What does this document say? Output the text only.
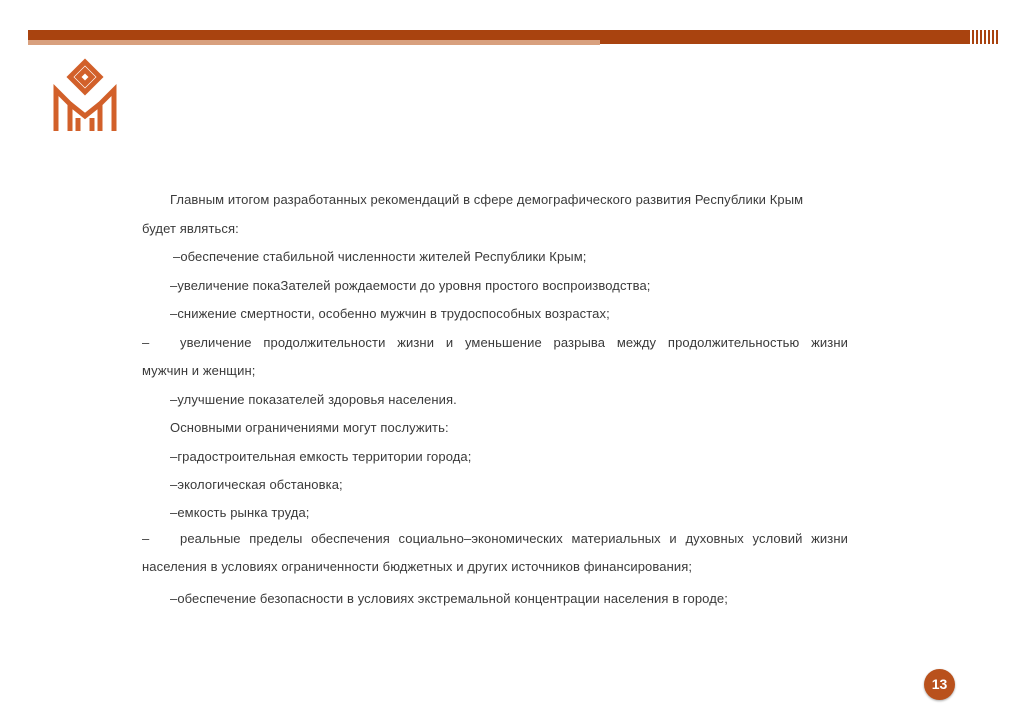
Главным итогом разработанных рекомендаций в сфере демографического развития Республики Крым

будет являться:

–обеспечение стабильной численности жителей Республики Крым;

–увеличение покаЗателей рождаемости до уровня простого воспроизводства;

–снижение смертности, особенно мужчин в трудоспособных возрастах;

–	увеличение продолжительности жизни и уменьшение разрыва между продолжительностью жизни

мужчин и женщин;

–улучшение показателей здоровья населения.

Основными ограничениями могут послужить:

–градостроительная емкость территории города;

–экологическая обстановка;

–емкость рынка труда;

–	реальные пределы обеспечения социально–экономических материальных и духовных условий жизни

населения в условиях ограниченности бюджетных и других источников финансирования;

–обеспечение безопасности в условиях экстремальной концентрации населения в городе;

13
